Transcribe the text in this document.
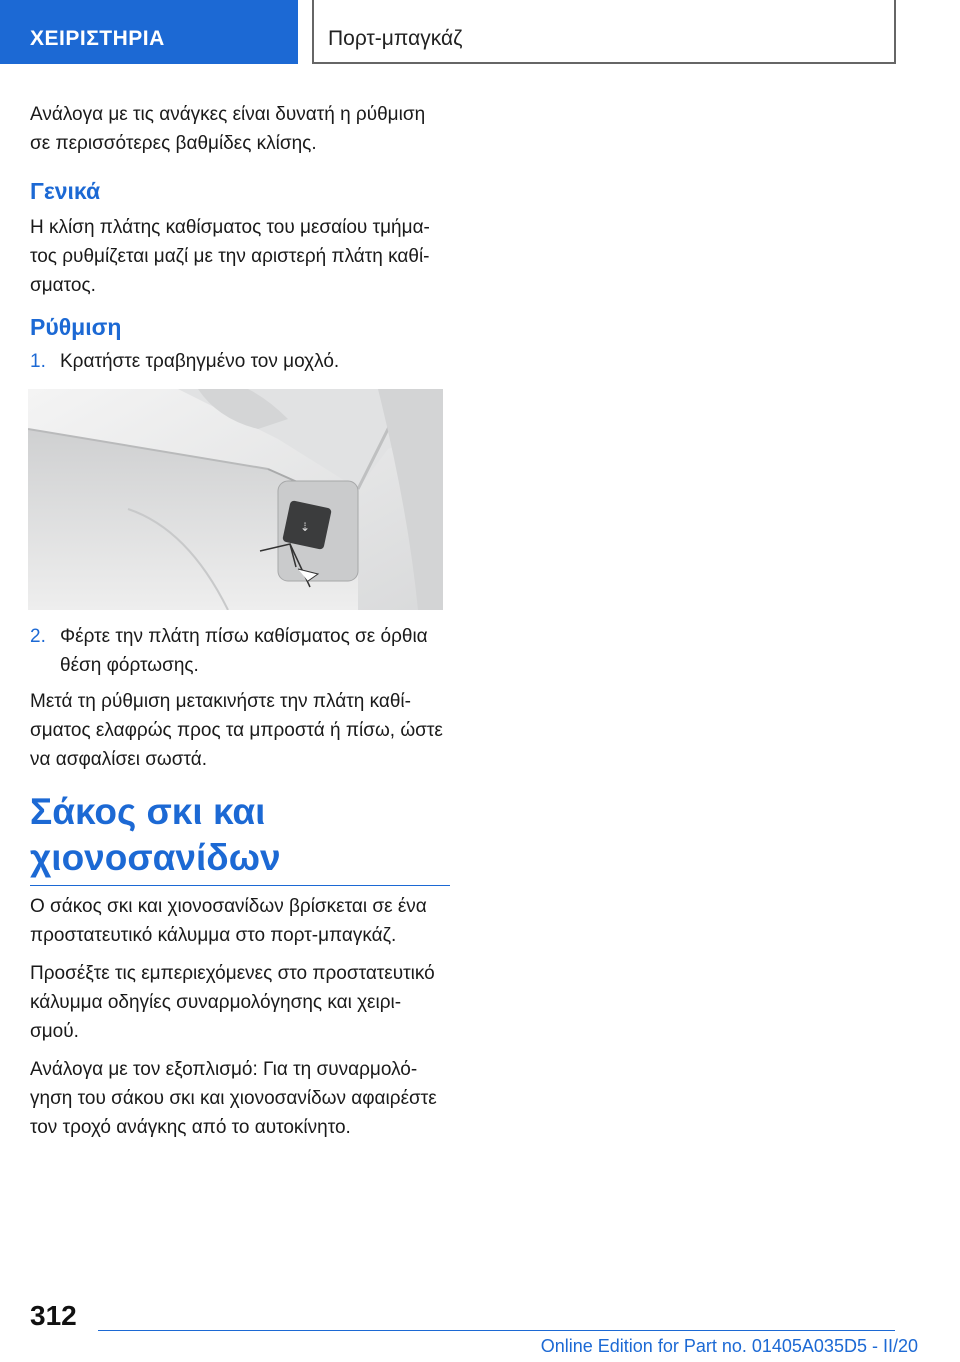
ΧΕΙΡΙΣΤΗΡΙΑ	Πορτ-μπαγκάζ

Ανάλογα με τις ανάγκες είναι δυνατή η ρύθμιση σε περισσότερες βαθμίδες κλίσης.

Γενικά

Η κλίση πλάτης καθίσματος του μεσαίου τμήμα-τος ρυθμίζεται μαζί με την αριστερή πλάτη καθί-σματος.

Ρύθμιση
1. Κρατήστε τραβηγμένο τον μοχλό.
⇣
2. Φέρτε την πλάτη πίσω καθίσματος σε όρθια θέση φόρτωσης.

Μετά τη ρύθμιση μετακινήστε την πλάτη καθί-σματος ελαφρώς προς τα μπροστά ή πίσω, ώστε να ασφαλίσει σωστά.

Σάκος σκι και
χιονοσανίδων

Ο σάκος σκι και χιονοσανίδων βρίσκεται σε ένα προστατευτικό κάλυμμα στο πορτ-μπαγκάζ.

Προσέξτε τις εμπεριεχόμενες στο προστατευτικό κάλυμμα οδηγίες συναρμολόγησης και χειρι-σμού.

Ανάλογα με τον εξοπλισμό: Για τη συναρμολό-γηση του σάκου σκι και χιονοσανίδων αφαιρέστε τον τροχό ανάγκης από το αυτοκίνητο.

312
Online Edition for Part no. 01405A035D5 - II/20
